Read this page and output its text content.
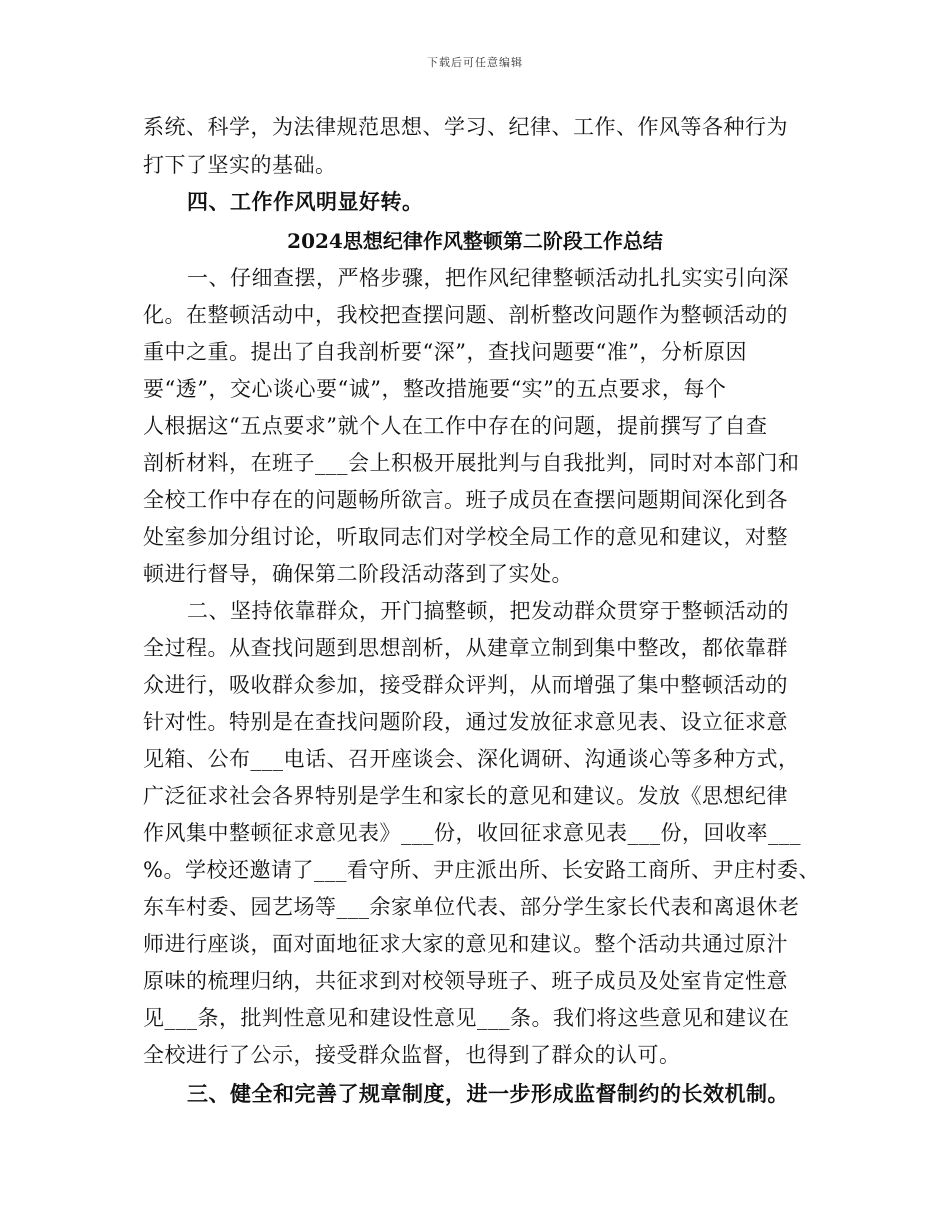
下载后可任意编辑
系统、科学，为法律规范思想、学习、纪律、工作、作风等各种行为
打下了坚实的基础。
四、工作作风明显好转。
2024思想纪律作风整顿第二阶段工作总结
一、仔细查摆，严格步骤，把作风纪律整顿活动扎扎实实引向深
化。在整顿活动中，我校把查摆问题、剖析整改问题作为整顿活动的
重中之重。提出了自我剖析要“深”，查找问题要“准”，分析原因
要“透”，交心谈心要“诚”，整改措施要“实”的五点要求，每个
人根据这“五点要求”就个人在工作中存在的问题，提前撰写了自查
剖析材料，在班子___会上积极开展批判与自我批判，同时对本部门和
全校工作中存在的问题畅所欲言。班子成员在查摆问题期间深化到各
处室参加分组讨论，听取同志们对学校全局工作的意见和建议，对整
顿进行督导，确保第二阶段活动落到了实处。
二、坚持依靠群众，开门搞整顿，把发动群众贯穿于整顿活动的
全过程。从查找问题到思想剖析，从建章立制到集中整改，都依靠群
众进行，吸收群众参加，接受群众评判，从而增强了集中整顿活动的
针对性。特别是在查找问题阶段，通过发放征求意见表、设立征求意
见箱、公布___电话、召开座谈会、深化调研、沟通谈心等多种方式，
广泛征求社会各界特别是学生和家长的意见和建议。发放《思想纪律
作风集中整顿征求意见表》___份，收回征求意见表___份，回收率___
%。学校还邀请了___看守所、尹庄派出所、长安路工商所、尹庄村委、
东车村委、园艺场等___余家单位代表、部分学生家长代表和离退休老
师进行座谈，面对面地征求大家的意见和建议。整个活动共通过原汁
原味的梳理归纳，共征求到对校领导班子、班子成员及处室肯定性意
见___条，批判性意见和建设性意见___条。我们将这些意见和建议在
全校进行了公示，接受群众监督，也得到了群众的认可。
三、健全和完善了规章制度，进一步形成监督制约的长效机制。
